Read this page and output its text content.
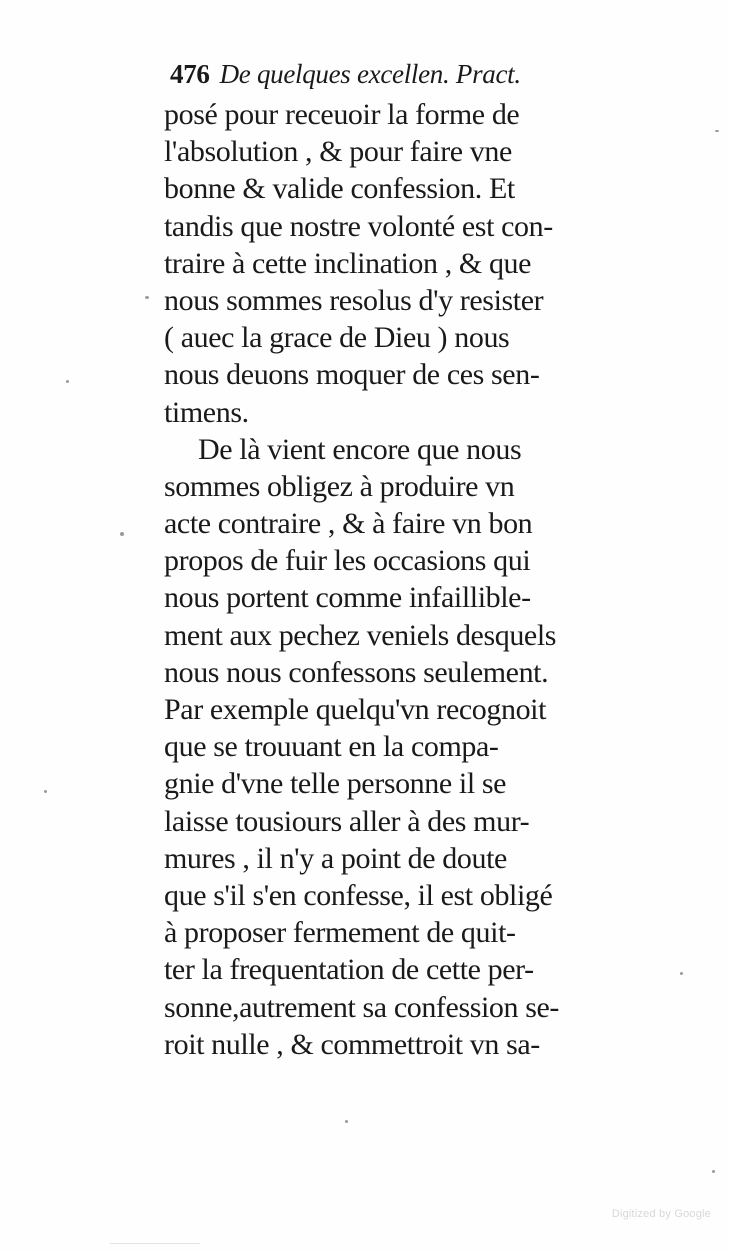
476 De quelques excellen. Pract.
posé pour receuoir la forme de
l'absolution , & pour faire vne
bonne & valide confession. Et
tandis que nostre volonté est con-
traire à cette inclination , & que
nous sommes resolus d'y resister
( auec la grace de Dieu ) nous
nous deuons moquer de ces sen-
timens.
De là vient encore que nous
sommes obligez à produire vn
acte contraire , & à faire vn bon
propos de fuir les occasions qui
nous portent comme infaillible-
ment aux pechez veniels desquels
nous nous confessons seulement.
Par exemple quelqu'vn recognoit
que se trouuant en la compa-
gnie d'vne telle personne il se
laisse tousiours aller à des mur-
mures , il n'y a point de doute
que s'il s'en confesse, il est obligé
à proposer fermement de quit-
ter la frequentation de cette per-
sonne,autrement sa confession se-
roit nulle , & commettroit vn sa-
Digitized by Google
